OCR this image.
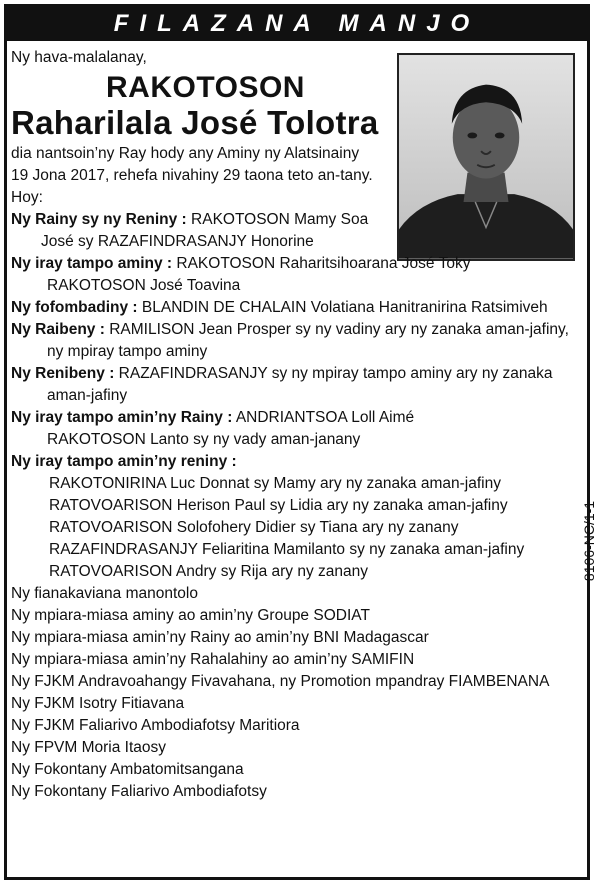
FILAZANA MANJO
Ny hava-malalanay,
RAKOTOSON
Raharilala José Tolotra
dia nantsoin’ny Ray hody any Aminy ny Alatsinainy
19 Jona 2017, rehefa nivahiny 29 taona teto an-tany.
Hoy:
Ny Rainy sy ny Reniny : RAKOTOSON Mamy Soa
José sy RAZAFINDRASANJY Honorine
Ny iray tampo aminy : RAKOTOSON Raharitsihoarana José Toky
RAKOTOSON José Toavina
Ny fofombadiny : BLANDIN DE CHALAIN Volatiana Hanitranirina Ratsimiveh
Ny Raibeny : RAMILISON Jean Prosper sy ny vadiny ary ny zanaka aman-jafiny,
ny mpiray tampo aminy
Ny Renibeny : RAZAFINDRASANJY sy ny mpiray tampo aminy ary ny zanaka
aman-jafiny
Ny iray tampo amin’ny Rainy : ANDRIANTSOA Loll Aimé
RAKOTOSON Lanto sy ny vady aman-janany
Ny iray tampo amin’ny reniny :
RAKOTONIRINA Luc Donnat sy Mamy ary ny zanaka aman-jafiny
RATOVOARISON Herison Paul sy Lidia ary ny zanaka aman-jafiny
RATOVOARISON Solofohery Didier sy Tiana ary ny zanany
RAZAFINDRASANJY Feliaritina Mamilanto sy ny zanaka aman-jafiny
RATOVOARISON Andry sy Rija ary ny zanany
Ny fianakaviana manontolo
Ny mpiara-miasa aminy ao amin’ny Groupe SODIAT
Ny mpiara-miasa amin’ny Rainy ao amin’ny BNI Madagascar
Ny mpiara-miasa amin’ny Rahalahiny ao amin’ny SAMIFIN
Ny FJKM Andravoahangy Fivavahana, ny Promotion mpandray FIAMBENANA
Ny FJKM Isotry Fitiavana
Ny FJKM Faliarivo Ambodiafotsy Maritiora
Ny FPVM Moria Itaosy
Ny Fokontany Ambatomitsangana
Ny Fokontany Faliarivo Ambodiafotsy
8106-NC/1-1
